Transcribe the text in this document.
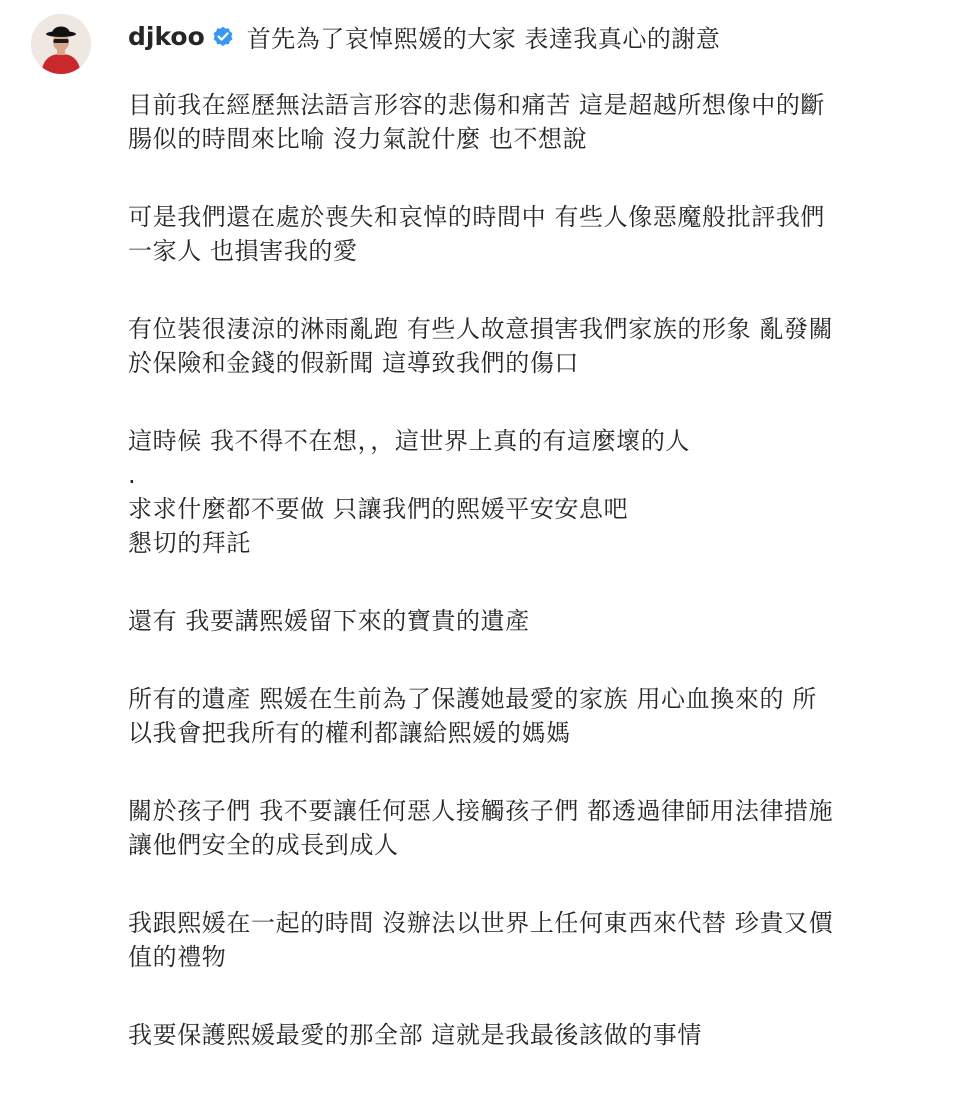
djkoo 首先為了哀悼熙媛的大家 表達我真心的謝意

目前我在經歷無法語言形容的悲傷和痛苦 這是超越所想像中的斷
腸似的時間來比喻 沒力氣說什麼 也不想說

可是我們還在處於喪失和哀悼的時間中 有些人像惡魔般批評我們
一家人 也損害我的愛

有位裝很淒涼的淋雨亂跑 有些人故意損害我們家族的形象 亂發關
於保險和金錢的假新聞 這導致我們的傷口

這時候 我不得不在想，，這世界上真的有這麼壞的人
.

求求什麼都不要做 只讓我們的熙媛平安安息吧
懇切的拜託

還有 我要講熙媛留下來的寶貴的遺產

所有的遺產 熙媛在生前為了保護她最愛的家族 用心血換來的 所
以我會把我所有的權利都讓給熙媛的媽媽

關於孩子們 我不要讓任何惡人接觸孩子們 都透過律師用法律措施
讓他們安全的成長到成人

我跟熙媛在一起的時間 沒辦法以世界上任何東西來代替 珍貴又價
值的禮物

我要保護熙媛最愛的那全部 這就是我最後該做的事情
